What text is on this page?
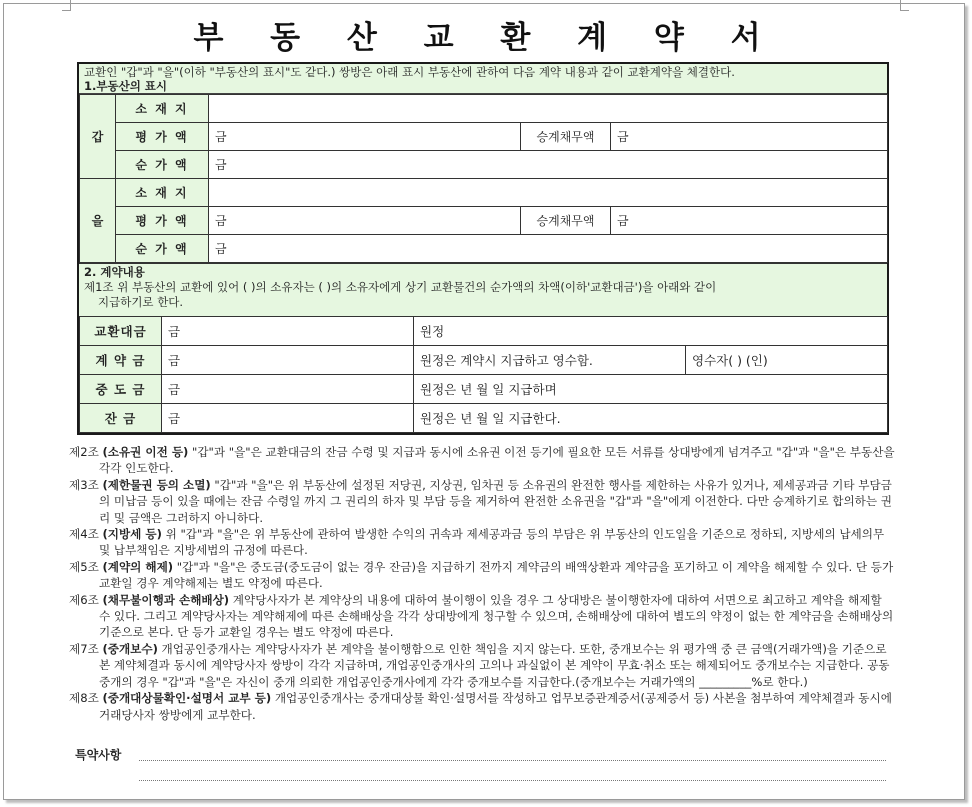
부 동 산 교 환 계 약 서
교환인 "갑"과 "을"(이하 "부동산의 표시"도 같다.) 쌍방은 아래 표시 부동산에 관하여 다음 계약 내용과 같이 교환계약을 체결한다.
1.부동산의 표시
갑	소 재 지			
	평 가 액	금	승계채무액	금
	순 가 액	금		
을	소 재 지			
	평 가 액	금	승계채무액	금
	순 가 액	금		
2. 계약내용
제1조 위 부동산의 교환에 있어 ( )의 소유자는 ( )의 소유자에게 상기 교환물건의 순가액의 차액(이하'교환대금')을 아래와 같이
지급하기로 한다.
교환대금	금	원정	
계 약 금	금	원정은 계약시 지급하고 영수함.	영수자( ) (인)
중 도 금	금	원정은 년 월 일 지급하며	
잔 금	금	원정은 년 월 일 지급한다.	
제2조 (소유권 이전 등) "갑"과 "을"은 교환대금의 잔금 수령 및 지급과 동시에 소유권 이전 등기에 필요한 모든 서류를 상대방에게 넘겨주고 "갑"과 "을"은 부동산을 각각 인도한다.
제3조 (제한물권 등의 소멸) "갑"과 "을"은 위 부동산에 설정된 저당권, 지상권, 임차권 등 소유권의 완전한 행사를 제한하는 사유가 있거나, 제세공과금 기타 부담금의 미납금 등이 있을 때에는 잔금 수령일 까지 그 권리의 하자 및 부담 등을 제거하여 완전한 소유권을 "갑"과 "을"에게 이전한다. 다만 승계하기로 합의하는 권리 및 금액은 그러하지 아니하다.
제4조 (지방세 등) 위 "갑"과 "을"은 위 부동산에 관하여 발생한 수익의 귀속과 제세공과금 등의 부담은 위 부동산의 인도일을 기준으로 정하되, 지방세의 납세의무 및 납부책임은 지방세법의 규정에 따른다.
제5조 (계약의 해제) "갑"과 "을"은 중도금(중도금이 없는 경우 잔금)을 지급하기 전까지 계약금의 배액상환과 계약금을 포기하고 이 계약을 해제할 수 있다. 단 등가 교환일 경우 계약해제는 별도 약정에 따른다.
제6조 (채무불이행과 손해배상) 계약당사자가 본 계약상의 내용에 대하여 불이행이 있을 경우 그 상대방은 불이행한자에 대하여 서면으로 최고하고 계약을 해제할 수 있다. 그리고 계약당사자는 계약해제에 따른 손해배상을 각각 상대방에게 청구할 수 있으며, 손해배상에 대하여 별도의 약정이 없는 한 계약금을 손해배상의 기준으로 본다. 단 등가 교환일 경우는 별도 약정에 따른다.
제7조 (중개보수) 개업공인중개사는 계약당사자가 본 계약을 불이행함으로 인한 책임을 지지 않는다. 또한, 중개보수는 위 평가액 중 큰 금액(거래가액)을 기준으로 본 계약체결과 동시에 계약당사자 쌍방이 각각 지급하며, 개업공인중개사의 고의나 과실없이 본 계약이 무효·취소 또는 해제되어도 중개보수는 지급한다. 공동중개의 경우 "갑"과 "을"은 자신이 중개 의뢰한 개업공인중개사에게 각각 중개보수를 지급한다.(중개보수는 거래가액의 _________%로 한다.)
제8조 (중개대상물확인·설명서 교부 등) 개업공인중개사는 중개대상물 확인·설명서를 작성하고 업무보증관계증서(공제증서 등) 사본을 첨부하여 계약체결과 동시에 거래당사자 쌍방에게 교부한다.
특약사항
